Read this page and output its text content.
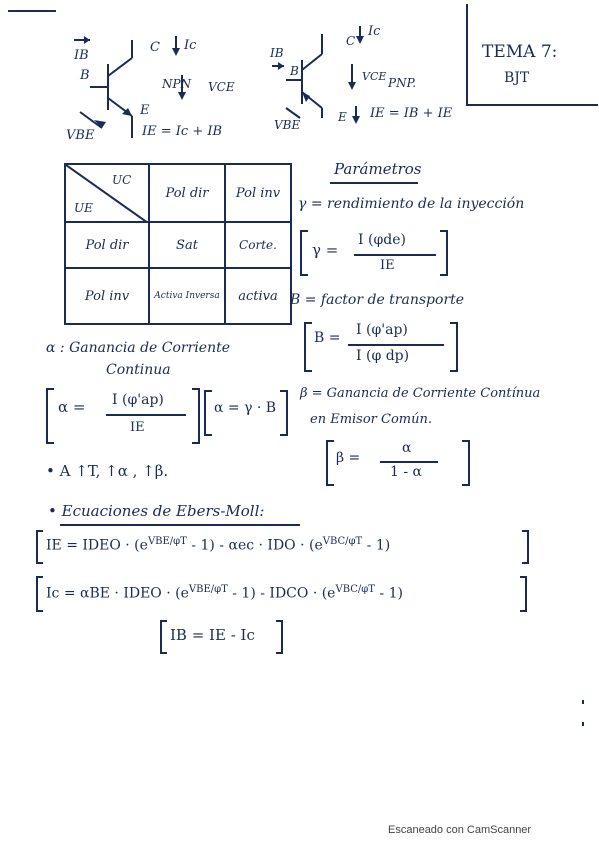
TEMA 7:
BJT
IB
B
C Ic
NPN VCE
E
VBE	IE = Ic + IB
IB
B
C
Ic
VCE PNP.
VBE
E IE = IB + IE
UC
UE	Pol dir	Pol inv
Pol dir	Sat	Corte.
Pol inv	Activa Inversa	activa
Parámetros
γ = rendimiento de la inyección
γ =
I (φde)
IE
B = factor de transporte
B = I (φ'ap)
I (φ dp)
α : Ganancia de Corriente
Continua
α = I (φ'ap)
IE
α = γ · B
β = Ganancia de Corriente Contínua
en Emisor Común.
β =
α
1 - α
• A ↑T, ↑α , ↑β.
• Ecuaciones de Ebers-Moll:
IE = IDEO · $(e^{VBE/\varphi T} - 1)$ - αec · IDO · $(e^{VBC/\varphi T} - 1)$
Ic = αBE · IDEO · $(e^{VBE/\varphi T} - 1)$ - IDCO · $(e^{VBC/\varphi T} - 1)$
IB = IE - Ic
Escaneado con CamScanner
